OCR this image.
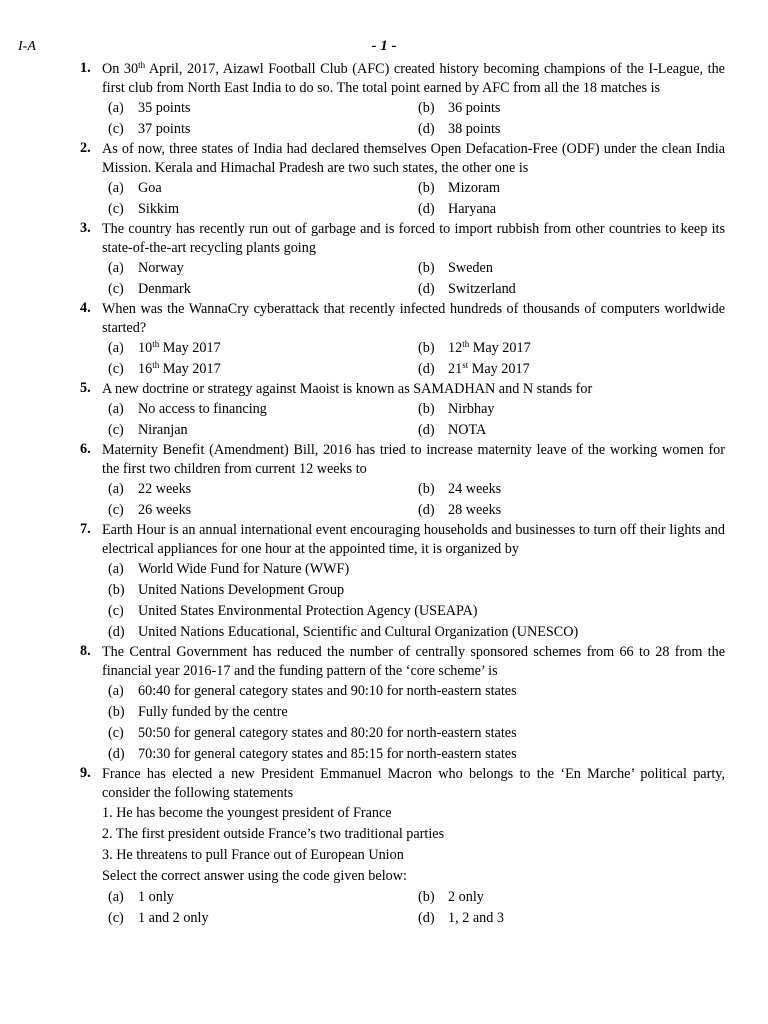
I-A	- 1 -
1. On 30th April, 2017, Aizawl Football Club (AFC) created history becoming champions of the I-League, the first club from North East India to do so. The total point earned by AFC from all the 18 matches is
(a) 35 points	(b) 36 points
(c) 37 points	(d) 38 points
2. As of now, three states of India had declared themselves Open Defacation-Free (ODF) under the clean India Mission. Kerala and Himachal Pradesh are two such states, the other one is
(a) Goa	(b) Mizoram
(c) Sikkim	(d) Haryana
3. The country has recently run out of garbage and is forced to import rubbish from other countries to keep its state-of-the-art recycling plants going
(a) Norway	(b) Sweden
(c) Denmark	(d) Switzerland
4. When was the WannaCry cyberattack that recently infected hundreds of thousands of computers worldwide started?
(a) 10th May 2017	(b) 12th May 2017
(c) 16th May 2017	(d) 21st May 2017
5. A new doctrine or strategy against Maoist is known as SAMADHAN and N stands for
(a) No access to financing	(b) Nirbhay
(c) Niranjan	(d) NOTA
6. Maternity Benefit (Amendment) Bill, 2016 has tried to increase maternity leave of the working women for the first two children from current 12 weeks to
(a) 22 weeks	(b) 24 weeks
(c) 26 weeks	(d) 28 weeks
7. Earth Hour is an annual international event encouraging households and businesses to turn off their lights and electrical appliances for one hour at the appointed time, it is organized by
(a) World Wide Fund for Nature (WWF)
(b) United Nations Development Group
(c) United States Environmental Protection Agency (USEAPA)
(d) United Nations Educational, Scientific and Cultural Organization (UNESCO)
8. The Central Government has reduced the number of centrally sponsored schemes from 66 to 28 from the financial year 2016-17 and the funding pattern of the ‘core scheme’ is
(a) 60:40 for general category states and 90:10 for north-eastern states
(b) Fully funded by the centre
(c) 50:50 for general category states and 80:20 for north-eastern states
(d) 70:30 for general category states and 85:15 for north-eastern states
9. France has elected a new President Emmanuel Macron who belongs to the ‘En Marche’ political party, consider the following statements
1. He has become the youngest president of France
2. The first president outside France’s two traditional parties
3. He threatens to pull France out of European Union
Select the correct answer using the code given below:
(a) 1 only	(b) 2 only
(c) 1 and 2 only	(d) 1, 2 and 3
